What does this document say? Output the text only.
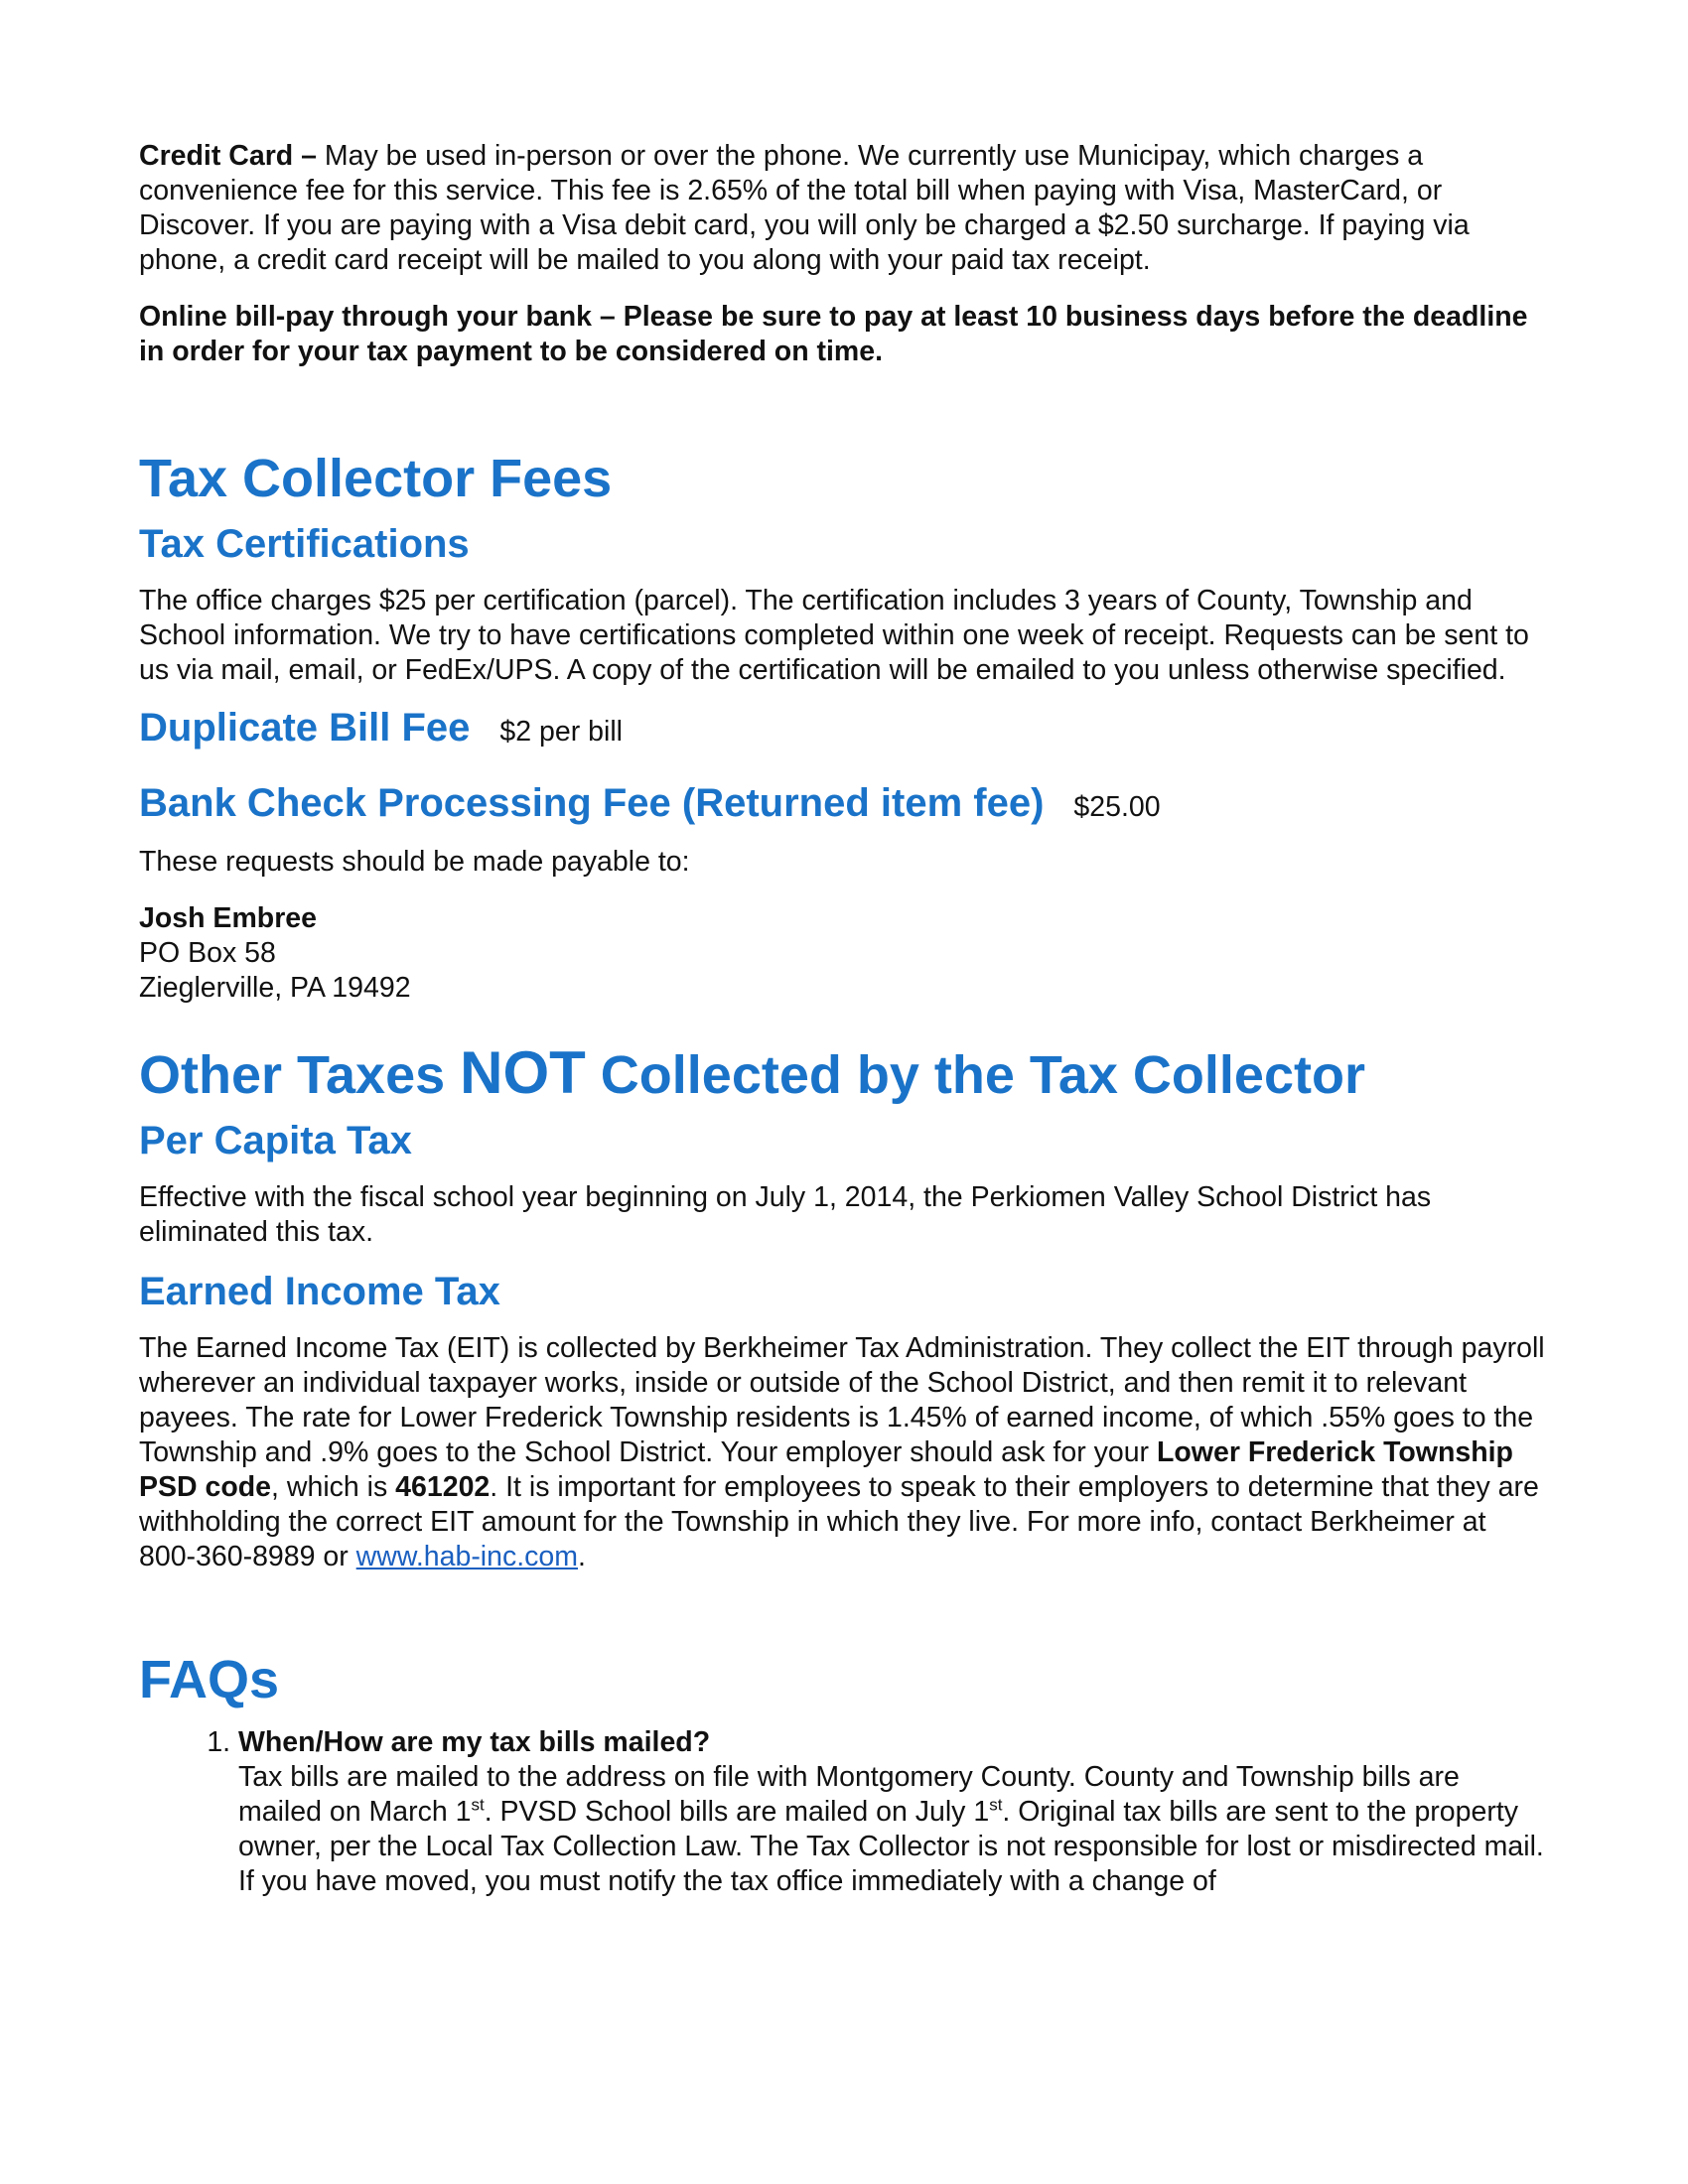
Credit Card – May be used in-person or over the phone. We currently use Municipay, which charges a convenience fee for this service. This fee is 2.65% of the total bill when paying with Visa, MasterCard, or Discover. If you are paying with a Visa debit card, you will only be charged a $2.50 surcharge. If paying via phone, a credit card receipt will be mailed to you along with your paid tax receipt.

Online bill-pay through your bank – Please be sure to pay at least 10 business days before the deadline in order for your tax payment to be considered on time.

Tax Collector Fees
Tax Certifications

The office charges $25 per certification (parcel). The certification includes 3 years of County, Township and School information. We try to have certifications completed within one week of receipt. Requests can be sent to us via mail, email, or FedEx/UPS. A copy of the certification will be emailed to you unless otherwise specified.

Duplicate Bill Fee $2 per bill
Bank Check Processing Fee (Returned item fee) $25.00

These requests should be made payable to:

Josh Embree
PO Box 58
Zieglerville, PA 19492

Other Taxes NOT Collected by the Tax Collector
Per Capita Tax

Effective with the fiscal school year beginning on July 1, 2014, the Perkiomen Valley School District has eliminated this tax.

Earned Income Tax

The Earned Income Tax (EIT) is collected by Berkheimer Tax Administration. They collect the EIT through payroll wherever an individual taxpayer works, inside or outside of the School District, and then remit it to relevant payees. The rate for Lower Frederick Township residents is 1.45% of earned income, of which .55% goes to the Township and .9% goes to the School District. Your employer should ask for your Lower Frederick Township PSD code, which is 461202. It is important for employees to speak to their employers to determine that they are withholding the correct EIT amount for the Township in which they live. For more info, contact Berkheimer at 800-360-8989 or www.hab-inc.com.

FAQs
1. When/How are my tax bills mailed?
Tax bills are mailed to the address on file with Montgomery County. County and Township bills are mailed on March 1st. PVSD School bills are mailed on July 1st. Original tax bills are sent to the property owner, per the Local Tax Collection Law. The Tax Collector is not responsible for lost or misdirected mail. If you have moved, you must notify the tax office immediately with a change of
